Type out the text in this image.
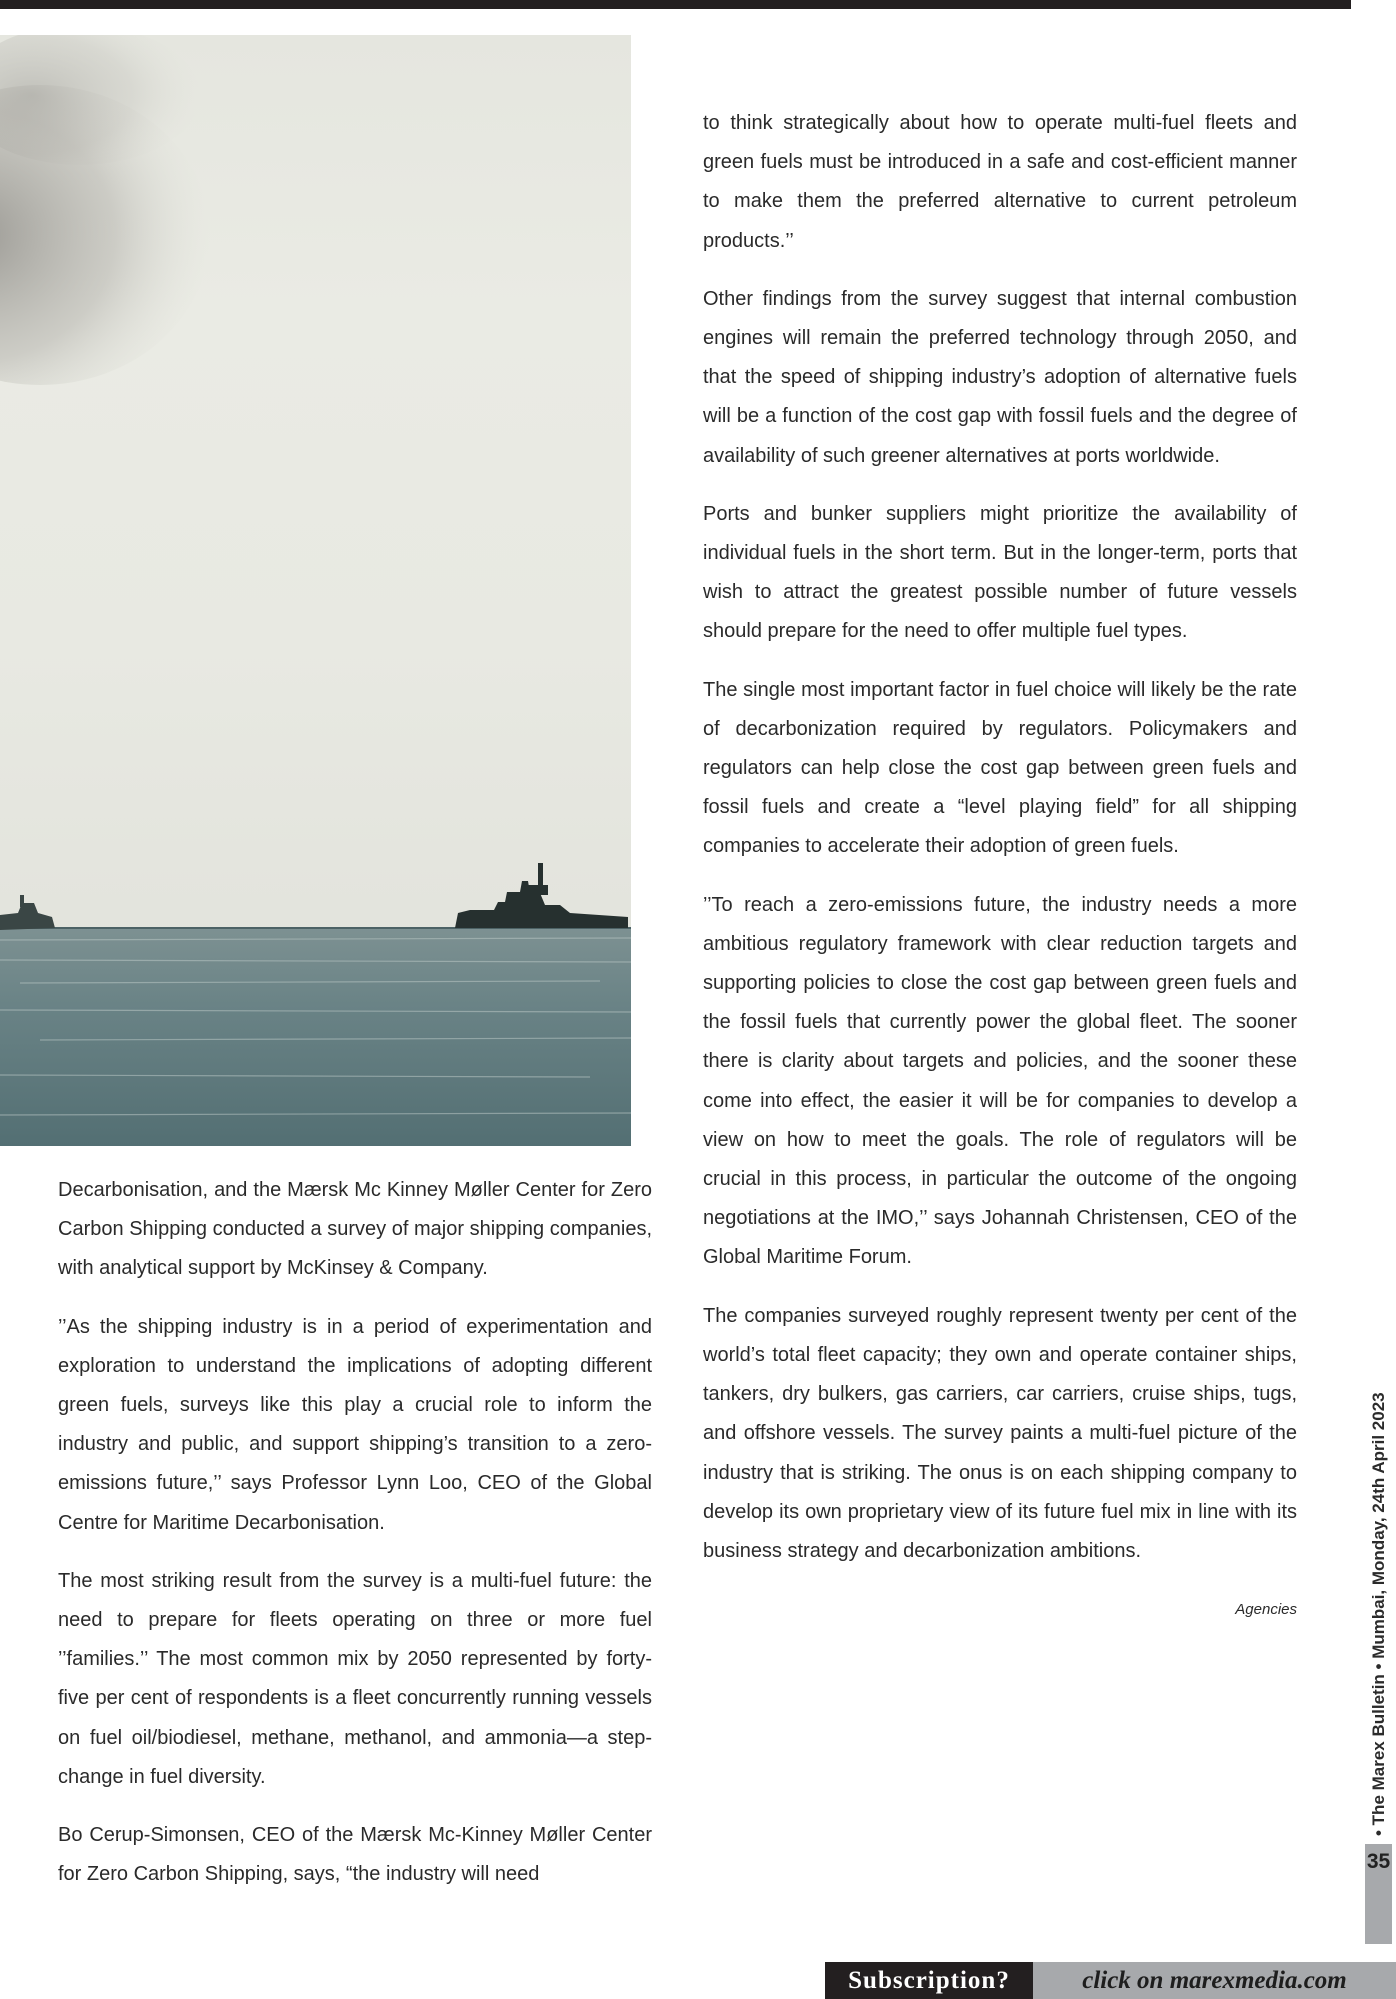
Decarbonisation, and the Mærsk Mc Kinney Møller Center for Zero Carbon Shipping conducted a survey of major shipping companies, with analytical support by McKinsey & Company.

’’As the shipping industry is in a period of experimentation and exploration to understand the implications of adopting different green fuels, surveys like this play a crucial role to inform the industry and public, and support shipping’s transition to a zero-emissions future,’’ says Professor Lynn Loo, CEO of the Global Centre for Maritime Decarbonisation.

The most striking result from the survey is a multi-fuel future: the need to prepare for fleets operating on three or more fuel ’’families.’’ The most common mix by 2050 represented by forty-five per cent of respondents is a fleet concurrently running vessels on fuel oil/biodiesel, methane, methanol, and ammonia—a step-change in fuel diversity.

Bo Cerup-Simonsen, CEO of the Mærsk Mc-Kinney Møller Center for Zero Carbon Shipping, says, “the industry will need

to think strategically about how to operate multi-fuel fleets and green fuels must be introduced in a safe and cost-efficient manner to make them the preferred alternative to current petroleum products.’’

Other findings from the survey suggest that internal combustion engines will remain the preferred technology through 2050, and that the speed of shipping industry’s adoption of alternative fuels will be a function of the cost gap with fossil fuels and the degree of availability of such greener alternatives at ports worldwide.

Ports and bunker suppliers might prioritize the availability of individual fuels in the short term. But in the longer-term, ports that wish to attract the greatest possible number of future vessels should prepare for the need to offer multiple fuel types.

The single most important factor in fuel choice will likely be the rate of decarbonization required by regulators. Policymakers and regulators can help close the cost gap between green fuels and fossil fuels and create a “level playing field” for all shipping companies to accelerate their adoption of green fuels.

’’To reach a zero-emissions future, the industry needs a more ambitious regulatory framework with clear reduction targets and supporting policies to close the cost gap between green fuels and the fossil fuels that currently power the global fleet. The sooner there is clarity about targets and policies, and the sooner these come into effect, the easier it will be for companies to develop a view on how to meet the goals. The role of regulators will be crucial in this process, in particular the outcome of the ongoing negotiations at the IMO,’’ says Johannah Christensen, CEO of the Global Maritime Forum.

The companies surveyed roughly represent twenty per cent of the world’s total fleet capacity; they own and operate container ships, tankers, dry bulkers, gas carriers, car carriers, cruise ships, tugs, and offshore vessels. The survey paints a multi-fuel picture of the industry that is striking. The onus is on each shipping company to develop its own proprietary view of its future fuel mix in line with its business strategy and decarbonization ambitions.

Agencies	• The Marex Bulletin • Mumbai, Monday, 24th April 2023
35
Subscription?	click on marexmedia.com
